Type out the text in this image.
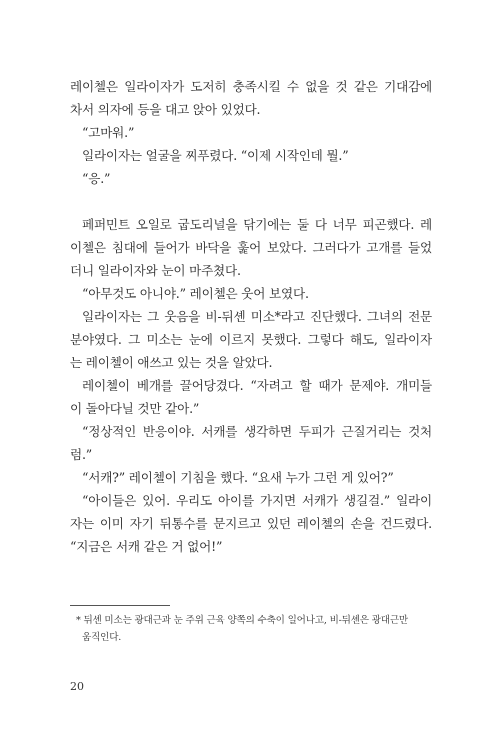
레이첼은 일라이자가 도저히 충족시킬 수 없을 것 같은 기대감에
차서 의자에 등을 대고 앉아 있었다.
“고마워.”
일라이자는 얼굴을 찌푸렸다. “이제 시작인데 뭘.”
“응.”
페퍼민트 오일로 굽도리널을 닦기에는 둘 다 너무 피곤했다. 레
이첼은 침대에 들어가 바닥을 훑어 보았다. 그러다가 고개를 들었
더니 일라이자와 눈이 마주쳤다.
“아무것도 아니야.” 레이첼은 웃어 보였다.
일라이자는 그 웃음을 비-뒤셴 미소*라고 진단했다. 그녀의 전문
분야였다. 그 미소는 눈에 이르지 못했다. 그렇다 해도, 일라이자
는 레이첼이 애쓰고 있는 것을 알았다.
레이첼이 베개를 끌어당겼다. “자려고 할 때가 문제야. 개미들
이 돌아다닐 것만 같아.”
“정상적인 반응이야. 서캐를 생각하면 두피가 근질거리는 것처
럼.”
“서캐?” 레이첼이 기침을 했다. “요새 누가 그런 게 있어?”
“아이들은 있어. 우리도 아이를 가지면 서캐가 생길걸.” 일라이
자는 이미 자기 뒤통수를 문지르고 있던 레이첼의 손을 건드렸다.
“지금은 서캐 같은 거 없어!”
* 뒤셴 미소는 광대근과 눈 주위 근육 양쪽의 수축이 일어나고, 비-뒤셴은 광대근만
움직인다.
20
